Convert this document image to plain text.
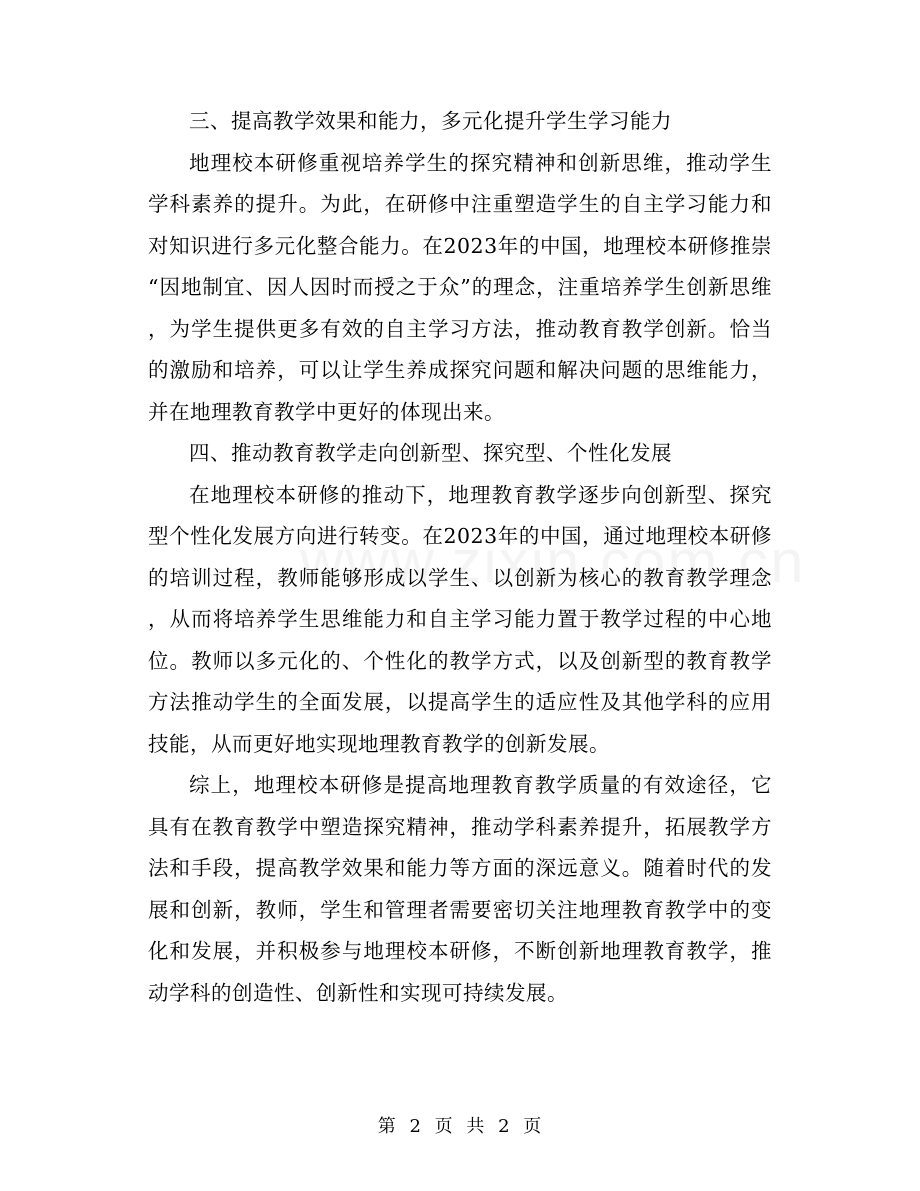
三、提高教学效果和能力，多元化提升学生学习能力

地理校本研修重视培养学生的探究精神和创新思维，推动学生学科素养的提升。为此，在研修中注重塑造学生的自主学习能力和对知识进行多元化整合能力。在2023年的中国，地理校本研修推崇“因地制宜、因人因时而授之于众”的理念，注重培养学生创新思维，为学生提供更多有效的自主学习方法，推动教育教学创新。恰当的激励和培养，可以让学生养成探究问题和解决问题的思维能力，并在地理教育教学中更好的体现出来。

四、推动教育教学走向创新型、探究型、个性化发展

在地理校本研修的推动下，地理教育教学逐步向创新型、探究型个性化发展方向进行转变。在2023年的中国，通过地理校本研修的培训过程，教师能够形成以学生、以创新为核心的教育教学理念，从而将培养学生思维能力和自主学习能力置于教学过程的中心地位。教师以多元化的、个性化的教学方式，以及创新型的教育教学方法推动学生的全面发展，以提高学生的适应性及其他学科的应用技能，从而更好地实现地理教育教学的创新发展。

综上，地理校本研修是提高地理教育教学质量的有效途径，它具有在教育教学中塑造探究精神，推动学科素养提升，拓展教学方法和手段，提高教学效果和能力等方面的深远意义。随着时代的发展和创新，教师，学生和管理者需要密切关注地理教育教学中的变化和发展，并积极参与地理校本研修，不断创新地理教育教学，推动学科的创造性、创新性和实现可持续发展。

第 2 页 共 2 页
